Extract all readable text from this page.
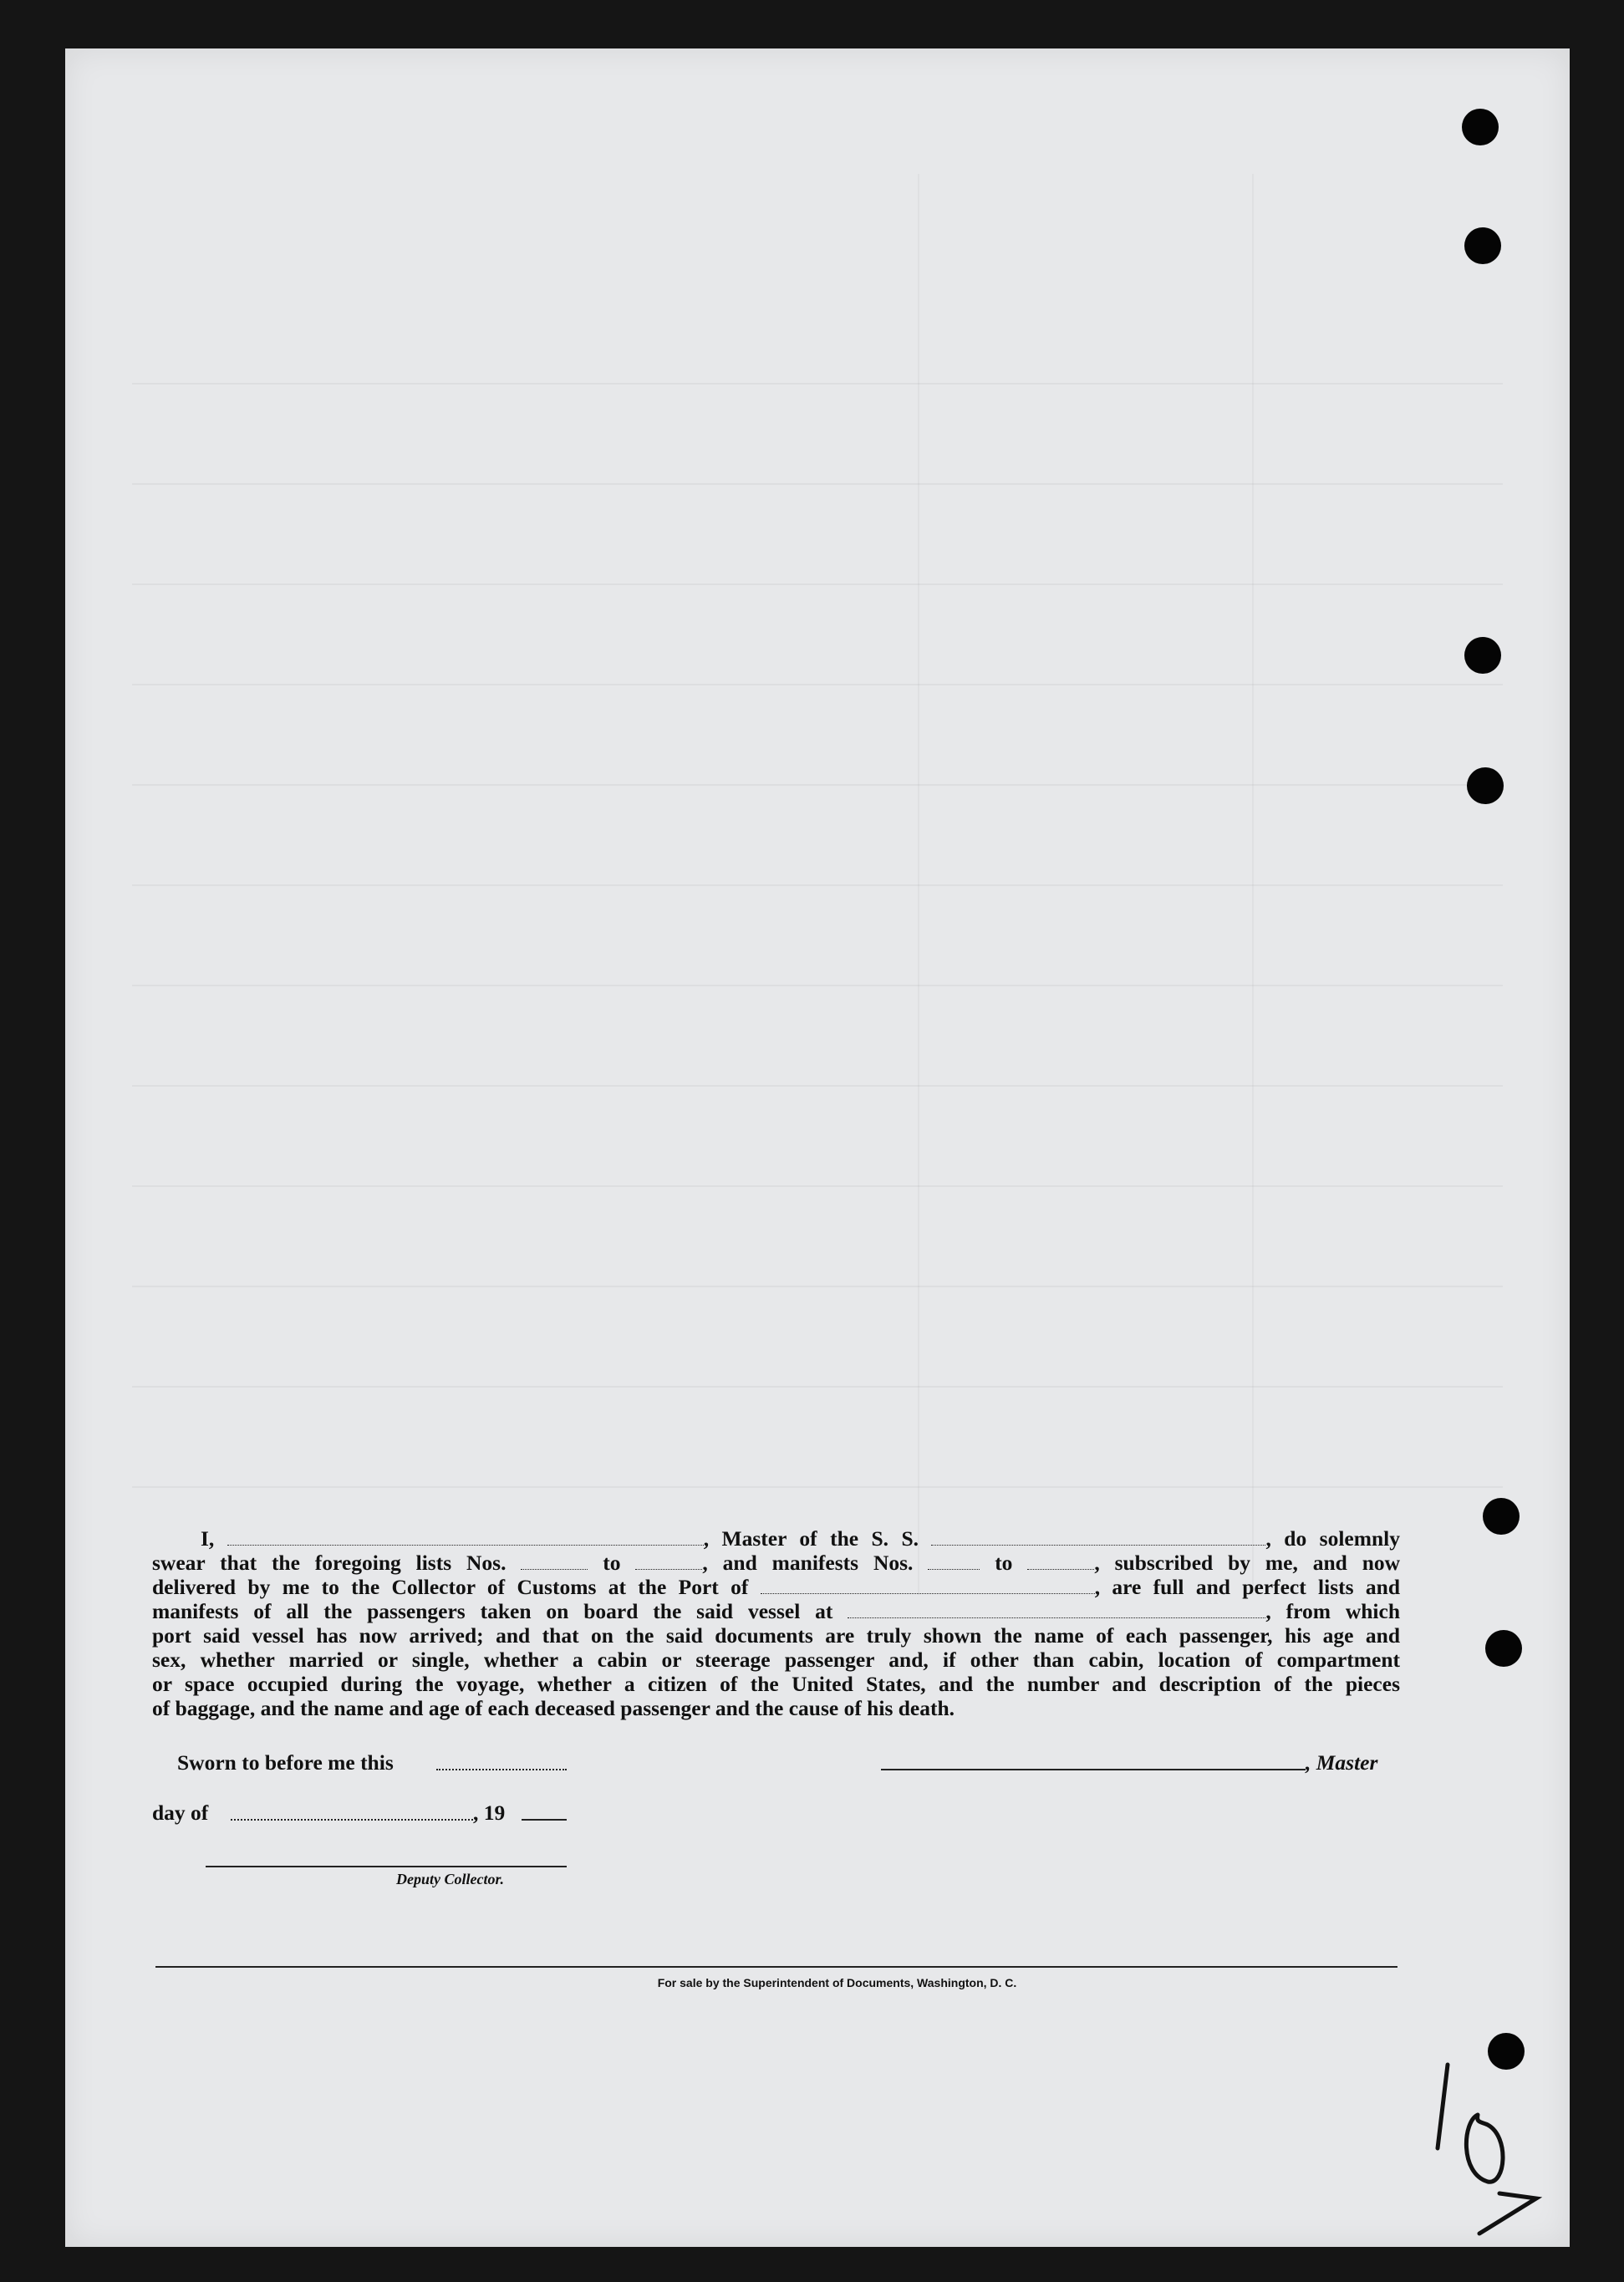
I,	, Master of the S. S.	, do solemnly
swear that the foregoing lists Nos.	to	, and manifests Nos.	to	, subscribed by me, and now
delivered by me to the Collector of Customs at the Port of	, are full and perfect lists and
manifests of all the passengers taken on board the said vessel at	, from which
port said vessel has now arrived; and that on the said documents are truly shown the name of each passenger, his age and
sex, whether married or single, whether a cabin or steerage passenger and, if other than cabin, location of compartment
or space occupied during the voyage, whether a citizen of the United States, and the number and description of the pieces
of baggage, and the name and age of each deceased passenger and the cause of his death.
Sworn to before me this	, Master
day of	, 19
Deputy Collector.
For sale by the Superintendent of Documents, Washington, D. C.
